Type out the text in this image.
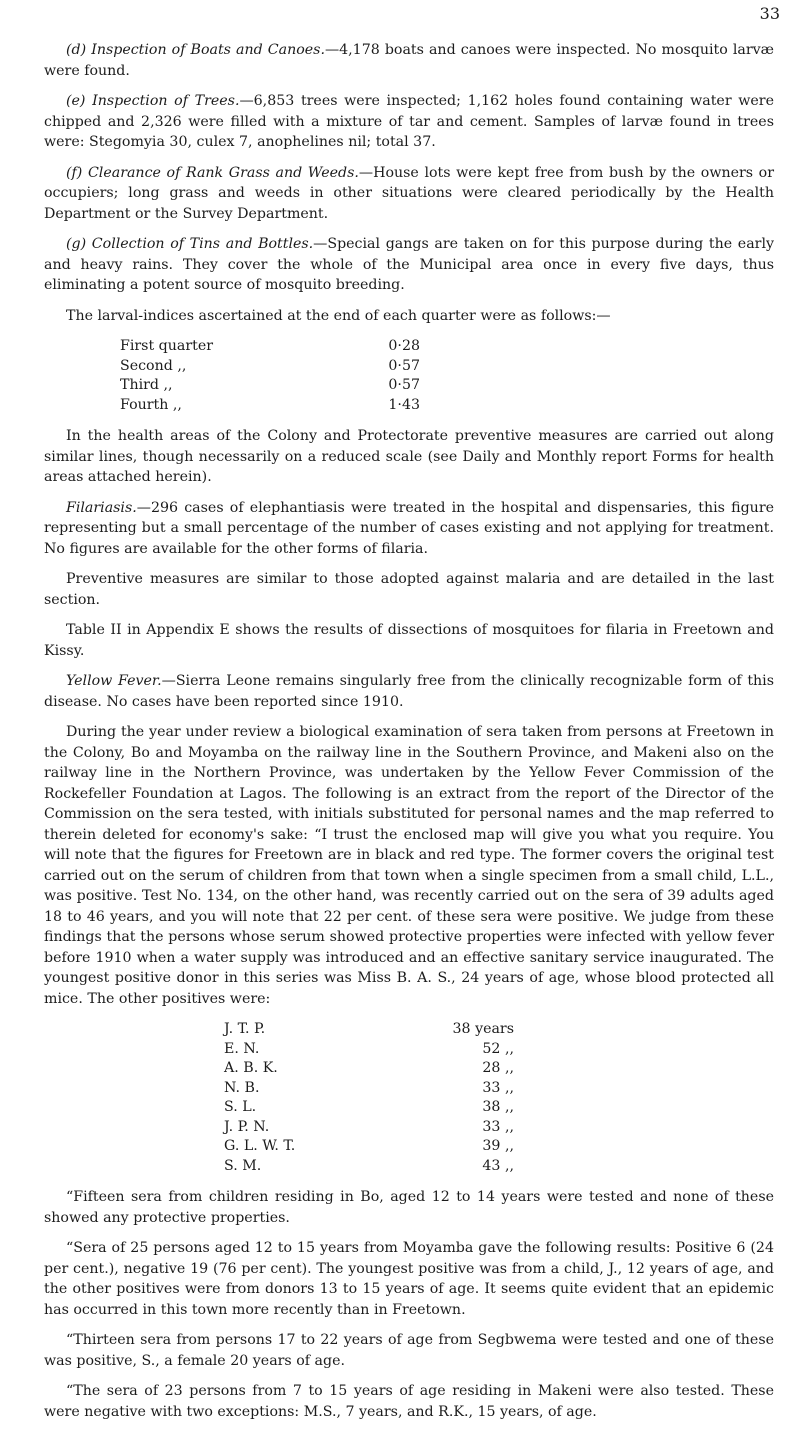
33

(d) Inspection of Boats and Canoes.—4,178 boats and canoes were inspected. No mosquito larvæ were found.

(e) Inspection of Trees.—6,853 trees were inspected; 1,162 holes found containing water were chipped and 2,326 were filled with a mixture of tar and cement. Samples of larvæ found in trees were: Stegomyia 30, culex 7, anophelines nil; total 37.

(f) Clearance of Rank Grass and Weeds.—House lots were kept free from bush by the owners or occupiers; long grass and weeds in other situations were cleared periodically by the Health Department or the Survey Department.

(g) Collection of Tins and Bottles.—Special gangs are taken on for this purpose during the early and heavy rains. They cover the whole of the Municipal area once in every five days, thus eliminating a potent source of mosquito breeding.

The larval-indices ascertained at the end of each quarter were as follows:—

First quarter	0·28
Second ,,	0·57
Third ,,	0·57
Fourth ,,	1·43

In the health areas of the Colony and Protectorate preventive measures are carried out along similar lines, though necessarily on a reduced scale (see Daily and Monthly report Forms for health areas attached herein).

Filariasis.—296 cases of elephantiasis were treated in the hospital and dispensaries, this figure representing but a small percentage of the number of cases existing and not applying for treatment. No figures are available for the other forms of filaria.

Preventive measures are similar to those adopted against malaria and are detailed in the last section.

Table II in Appendix E shows the results of dissections of mosquitoes for filaria in Freetown and Kissy.

Yellow Fever.—Sierra Leone remains singularly free from the clinically recognizable form of this disease. No cases have been reported since 1910.

During the year under review a biological examination of sera taken from persons at Freetown in the Colony, Bo and Moyamba on the railway line in the Southern Province, and Makeni also on the railway line in the Northern Province, was undertaken by the Yellow Fever Commission of the Rockefeller Foundation at Lagos. The following is an extract from the report of the Director of the Commission on the sera tested, with initials substituted for personal names and the map referred to therein deleted for economy's sake: “I trust the enclosed map will give you what you require. You will note that the figures for Freetown are in black and red type. The former covers the original test carried out on the serum of children from that town when a single specimen from a small child, L.L., was positive. Test No. 134, on the other hand, was recently carried out on the sera of 39 adults aged 18 to 46 years, and you will note that 22 per cent. of these sera were positive. We judge from these findings that the persons whose serum showed protective properties were infected with yellow fever before 1910 when a water supply was introduced and an effective sanitary service inaugurated. The youngest positive donor in this series was Miss B. A. S., 24 years of age, whose blood protected all mice. The other positives were:

J. T. P.	38 years
E. N.	52 ,,
A. B. K.	28 ,,
N. B.	33 ,,
S. L.	38 ,,
J. P. N.	33 ,,
G. L. W. T.	39 ,,
S. M.	43 ,,

“Fifteen sera from children residing in Bo, aged 12 to 14 years were tested and none of these showed any protective properties.

“Sera of 25 persons aged 12 to 15 years from Moyamba gave the following results: Positive 6 (24 per cent.), negative 19 (76 per cent). The youngest positive was from a child, J., 12 years of age, and the other positives were from donors 13 to 15 years of age. It seems quite evident that an epidemic has occurred in this town more recently than in Freetown.

“Thirteen sera from persons 17 to 22 years of age from Segbwema were tested and one of these was positive, S., a female 20 years of age.

“The sera of 23 persons from 7 to 15 years of age residing in Makeni were also tested. These were negative with two exceptions: M.S., 7 years, and R.K., 15 years, of age.
